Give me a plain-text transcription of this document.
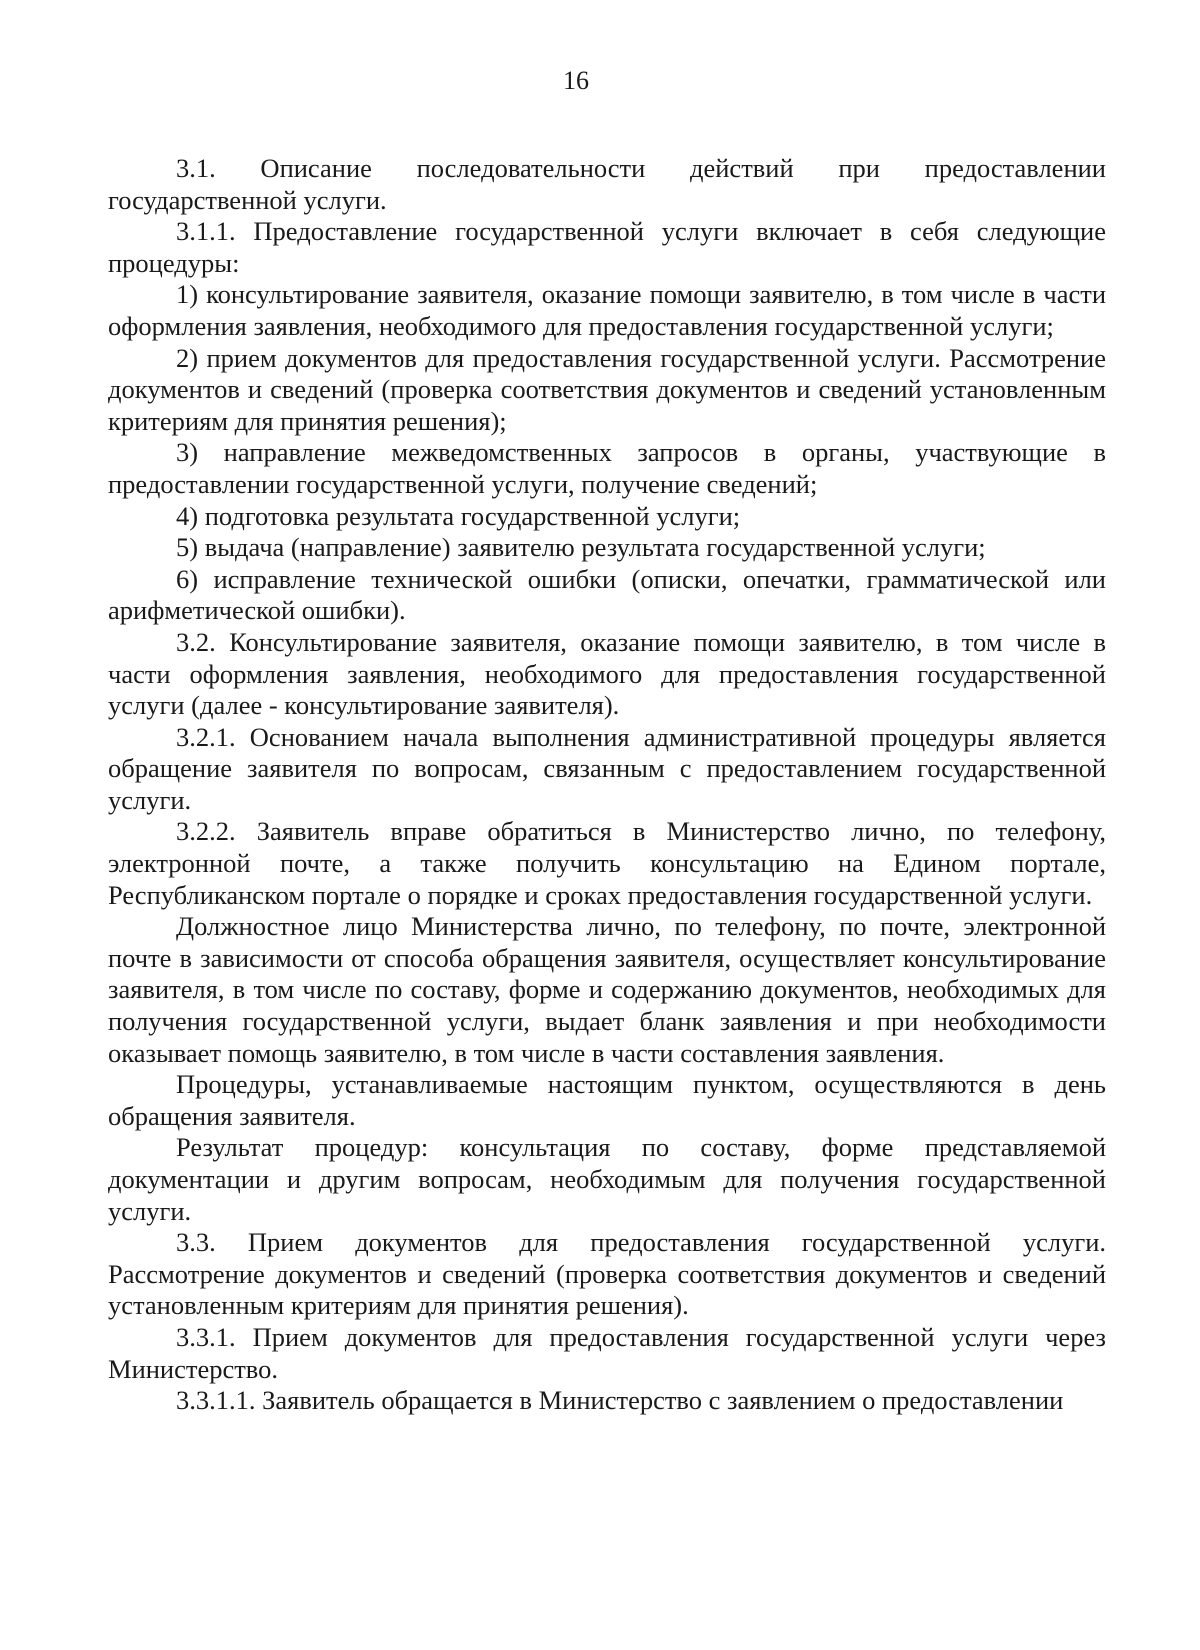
16

3.1. Описание последовательности действий при предоставлении государственной услуги.

3.1.1. Предоставление государственной услуги включает в себя следующие процедуры:

1) консультирование заявителя, оказание помощи заявителю, в том числе в части оформления заявления, необходимого для предоставления государственной услуги;

2) прием документов для предоставления государственной услуги. Рассмотрение документов и сведений (проверка соответствия документов и сведений установленным критериям для принятия решения);

3) направление межведомственных запросов в органы, участвующие в предоставлении государственной услуги, получение сведений;

4) подготовка результата государственной услуги;

5) выдача (направление) заявителю результата государственной услуги;

6) исправление технической ошибки (описки, опечатки, грамматической или арифметической ошибки).

3.2. Консультирование заявителя, оказание помощи заявителю, в том числе в части оформления заявления, необходимого для предоставления государственной услуги (далее - консультирование заявителя).

3.2.1. Основанием начала выполнения административной процедуры является обращение заявителя по вопросам, связанным с предоставлением государственной услуги.

3.2.2. Заявитель вправе обратиться в Министерство лично, по телефону, электронной почте, а также получить консультацию на Едином портале, Республиканском портале о порядке и сроках предоставления государственной услуги.

Должностное лицо Министерства лично, по телефону, по почте, электронной почте в зависимости от способа обращения заявителя, осуществляет консультирование заявителя, в том числе по составу, форме и содержанию документов, необходимых для получения государственной услуги, выдает бланк заявления и при необходимости оказывает помощь заявителю, в том числе в части составления заявления.

Процедуры, устанавливаемые настоящим пунктом, осуществляются в день обращения заявителя.

Результат процедур: консультация по составу, форме представляемой документации и другим вопросам, необходимым для получения государственной услуги.

3.3. Прием документов для предоставления государственной услуги. Рассмотрение документов и сведений (проверка соответствия документов и сведений установленным критериям для принятия решения).

3.3.1. Прием документов для предоставления государственной услуги через Министерство.

3.3.1.1. Заявитель обращается в Министерство с заявлением о предоставлении
